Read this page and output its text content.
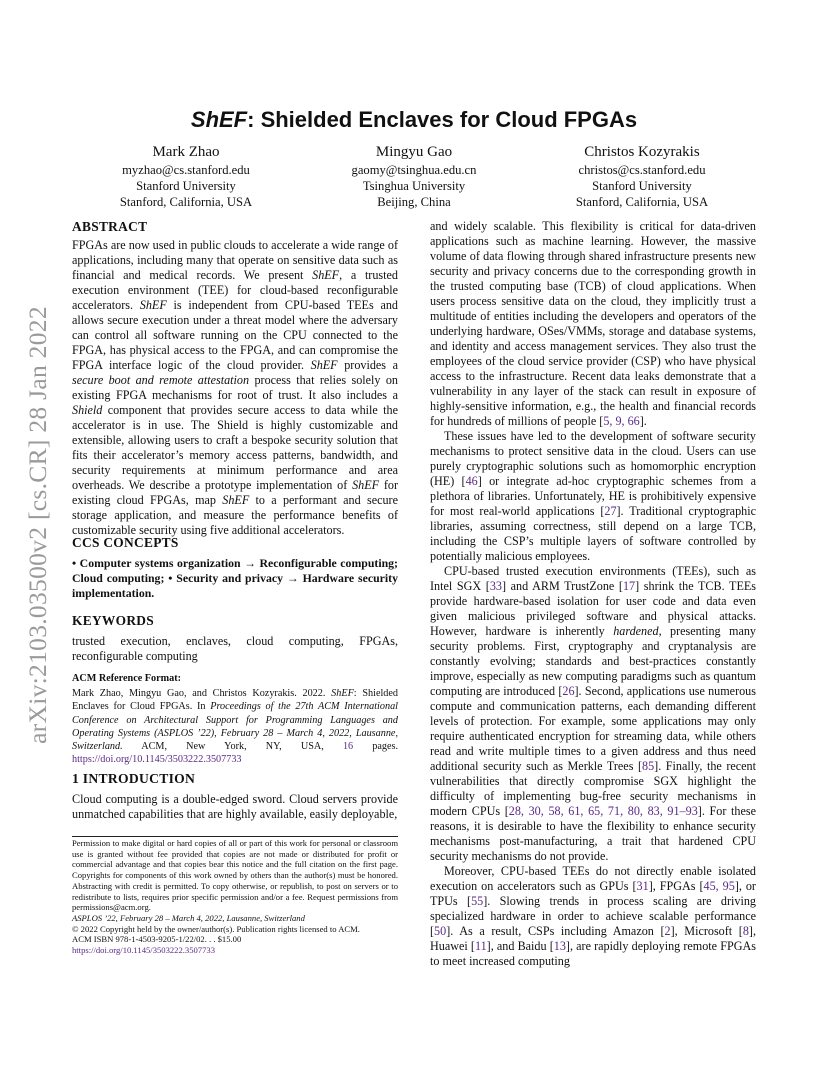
arXiv:2103.03500v2 [cs.CR] 28 Jan 2022
ShEF: Shielded Enclaves for Cloud FPGAs
Mark Zhao
myzhao@cs.stanford.edu
Stanford University
Stanford, California, USA
Mingyu Gao
gaomy@tsinghua.edu.cn
Tsinghua University
Beijing, China
Christos Kozyrakis
christos@cs.stanford.edu
Stanford University
Stanford, California, USA
ABSTRACT

FPGAs are now used in public clouds to accelerate a wide range of applications, including many that operate on sensitive data such as financial and medical records. We present ShEF, a trusted execution environment (TEE) for cloud-based reconfigurable accelerators. ShEF is independent from CPU-based TEEs and allows secure execution under a threat model where the adversary can control all software running on the CPU connected to the FPGA, has physical access to the FPGA, and can compromise the FPGA interface logic of the cloud provider. ShEF provides a secure boot and remote attestation process that relies solely on existing FPGA mechanisms for root of trust. It also includes a Shield component that provides secure access to data while the accelerator is in use. The Shield is highly customizable and extensible, allowing users to craft a bespoke security solution that fits their accelerator’s memory access patterns, bandwidth, and security requirements at minimum performance and area overheads. We describe a prototype implementation of ShEF for existing cloud FPGAs, map ShEF to a performant and secure storage application, and measure the performance benefits of customizable security using five additional accelerators.

CCS CONCEPTS

• Computer systems organization → Reconfigurable computing; Cloud computing; • Security and privacy → Hardware security implementation.

KEYWORDS

trusted execution, enclaves, cloud computing, FPGAs, reconfigurable computing

ACM Reference Format:

Mark Zhao, Mingyu Gao, and Christos Kozyrakis. 2022. ShEF: Shielded Enclaves for Cloud FPGAs. In Proceedings of the 27th ACM International Conference on Architectural Support for Programming Languages and Operating Systems (ASPLOS ’22), February 28 – March 4, 2022, Lausanne, Switzerland. ACM, New York, NY, USA, 16 pages. https://doi.org/10.1145/3503222.3507733

1 INTRODUCTION

Cloud computing is a double-edged sword. Cloud servers provide unmatched capabilities that are highly available, easily deployable,

Permission to make digital or hard copies of all or part of this work for personal or classroom use is granted without fee provided that copies are not made or distributed for profit or commercial advantage and that copies bear this notice and the full citation on the first page. Copyrights for components of this work owned by others than the author(s) must be honored. Abstracting with credit is permitted. To copy otherwise, or republish, to post on servers or to redistribute to lists, requires prior specific permission and/or a fee. Request permissions from permissions@acm.org.

ASPLOS ’22, February 28 – March 4, 2022, Lausanne, Switzerland

© 2022 Copyright held by the owner/author(s). Publication rights licensed to ACM.

ACM ISBN 978-1-4503-9205-1/22/02. . . $15.00

https://doi.org/10.1145/3503222.3507733

and widely scalable. This flexibility is critical for data-driven applications such as machine learning. However, the massive volume of data flowing through shared infrastructure presents new security and privacy concerns due to the corresponding growth in the trusted computing base (TCB) of cloud applications. When users process sensitive data on the cloud, they implicitly trust a multitude of entities including the developers and operators of the underlying hardware, OSes/VMMs, storage and database systems, and identity and access management services. They also trust the employees of the cloud service provider (CSP) who have physical access to the infrastructure. Recent data leaks demonstrate that a vulnerability in any layer of the stack can result in exposure of highly-sensitive information, e.g., the health and financial records for hundreds of millions of people [5, 9, 66].

These issues have led to the development of software security mechanisms to protect sensitive data in the cloud. Users can use purely cryptographic solutions such as homomorphic encryption (HE) [46] or integrate ad-hoc cryptographic schemes from a plethora of libraries. Unfortunately, HE is prohibitively expensive for most real-world applications [27]. Traditional cryptographic libraries, assuming correctness, still depend on a large TCB, including the CSP’s multiple layers of software controlled by potentially malicious employees.

CPU-based trusted execution environments (TEEs), such as Intel SGX [33] and ARM TrustZone [17] shrink the TCB. TEEs provide hardware-based isolation for user code and data even given malicious privileged software and physical attacks. However, hardware is inherently hardened, presenting many security problems. First, cryptography and cryptanalysis are constantly evolving; standards and best-practices constantly improve, especially as new computing paradigms such as quantum computing are introduced [26]. Second, applications use numerous compute and communication patterns, each demanding different levels of protection. For example, some applications may only require authenticated encryption for streaming data, while others read and write multiple times to a given address and thus need additional security such as Merkle Trees [85]. Finally, the recent vulnerabilities that directly compromise SGX highlight the difficulty of implementing bug-free security mechanisms in modern CPUs [28, 30, 58, 61, 65, 71, 80, 83, 91–93]. For these reasons, it is desirable to have the flexibility to enhance security mechanisms post-manufacturing, a trait that hardened CPU security mechanisms do not provide.

Moreover, CPU-based TEEs do not directly enable isolated execution on accelerators such as GPUs [31], FPGAs [45, 95], or TPUs [55]. Slowing trends in process scaling are driving specialized hardware in order to achieve scalable performance [50]. As a result, CSPs including Amazon [2], Microsoft [8], Huawei [11], and Baidu [13], are rapidly deploying remote FPGAs to meet increased computing
